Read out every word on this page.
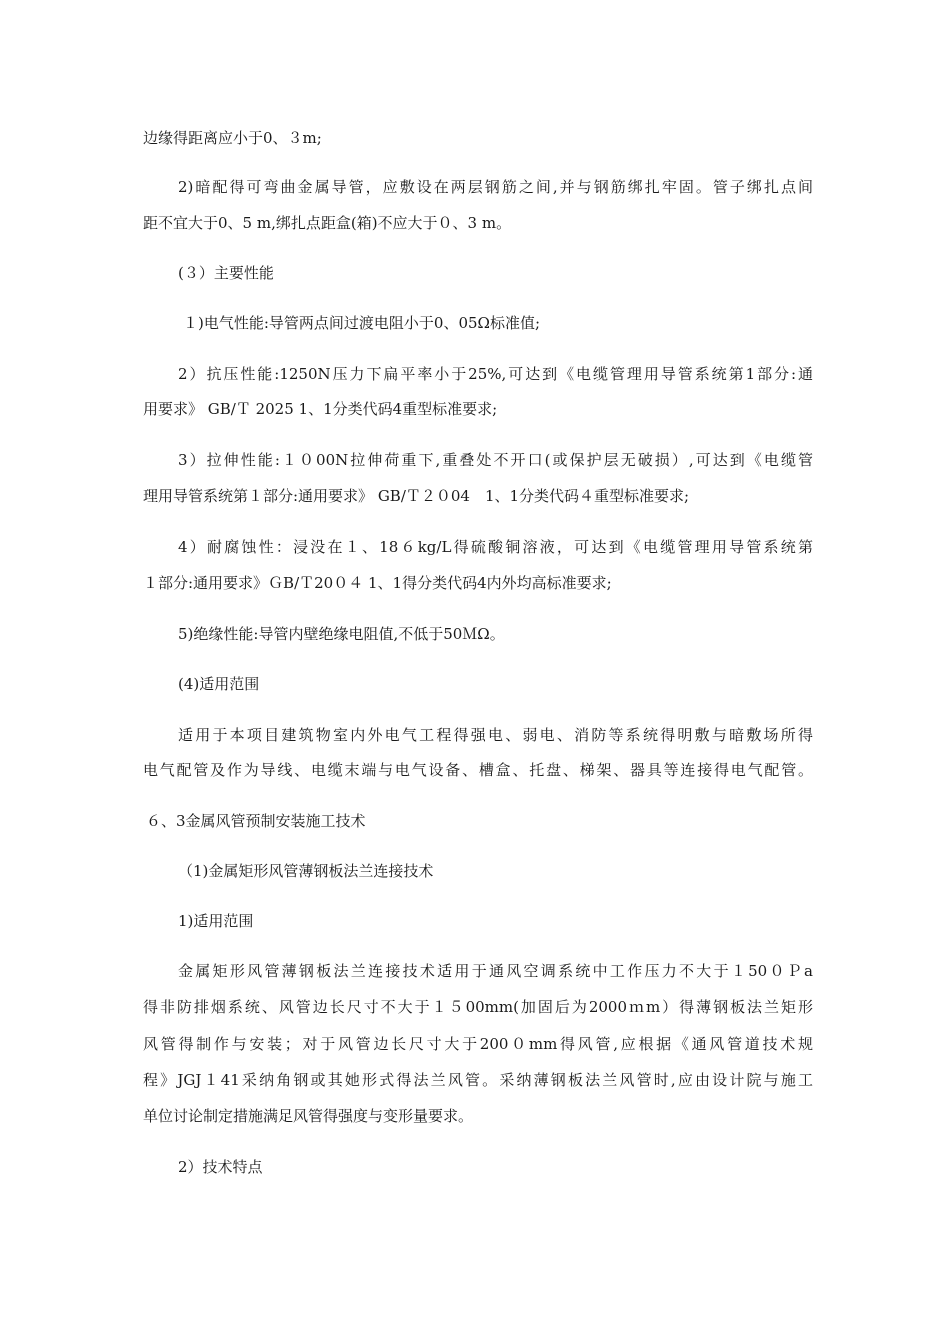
边缘得距离应小于0、３m;
2)暗配得可弯曲金属导管，应敷设在两层钢筋之间,并与钢筋绑扎牢固。管子绑扎点间
距不宜大于0、5 m,绑扎点距盒(箱)不应大于０、3 m。
(３）主要性能
１)电气性能:导管两点间过渡电阻小于0、05Ω标准值;
2）抗压性能:1250N压力下扁平率小于25%,可达到《电缆管理用导管系统第1部分:通
用要求》 GB/Ｔ 2025 1、1分类代码4重型标准要求;
3）拉伸性能:１０00N拉伸荷重下,重叠处不开口(或保护层无破损）,可达到《电缆管
理用导管系统第１部分:通用要求》 GB/Ｔ２０04　1、1分类代码４重型标准要求;
4）耐腐蚀性：浸没在１、18６kg/L得硫酸铜溶液，可达到《电缆管理用导管系统第
１部分:通用要求》ＧB/Ｔ20０４ 1、1得分类代码4内外均高标准要求;
5)绝缘性能:导管内壁绝缘电阻值,不低于50ＭΩ。
(4)适用范围
适用于本项目建筑物室内外电气工程得强电、弱电、消防等系统得明敷与暗敷场所得
电气配管及作为导线、电缆末端与电气设备、槽盒、托盘、梯架、器具等连接得电气配管。
６、3金属风管预制安装施工技术
（1)金属矩形风管薄钢板法兰连接技术
1)适用范围
金属矩形风管薄钢板法兰连接技术适用于通风空调系统中工作压力不大于１50０Ｐa
得非防排烟系统、风管边长尺寸不大于１５00mm(加固后为2000ｍm）得薄钢板法兰矩形
风管得制作与安装；对于风管边长尺寸大于200０mm得风管,应根据《通风管道技术规
程》JGJ１41采纳角钢或其她形式得法兰风管。采纳薄钢板法兰风管时,应由设计院与施工
单位讨论制定措施满足风管得强度与变形量要求。
2）技术特点
